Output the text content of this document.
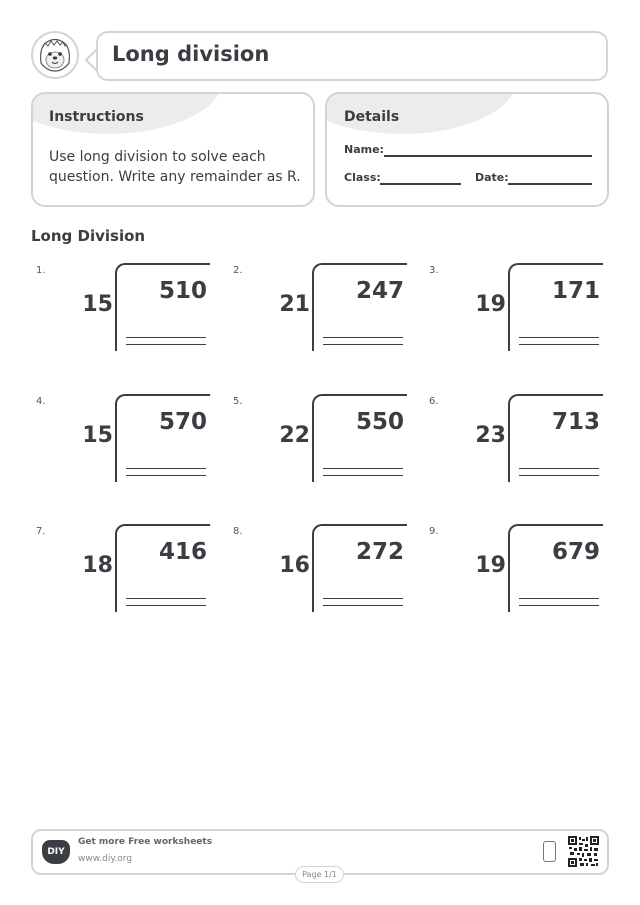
Long division
Instructions
Use long division to solve each question. Write any remainder as R.
Details
Name:
Class:	Date:
Long Division
1.
15
510
2.
21
247
3.
19
171
4.
15
570
5.
22
550
6.
23
713
7.
18
416
8.
16
272
9.
19
679
DIY
Get more Free worksheets
www.diy.org
Page 1/1
